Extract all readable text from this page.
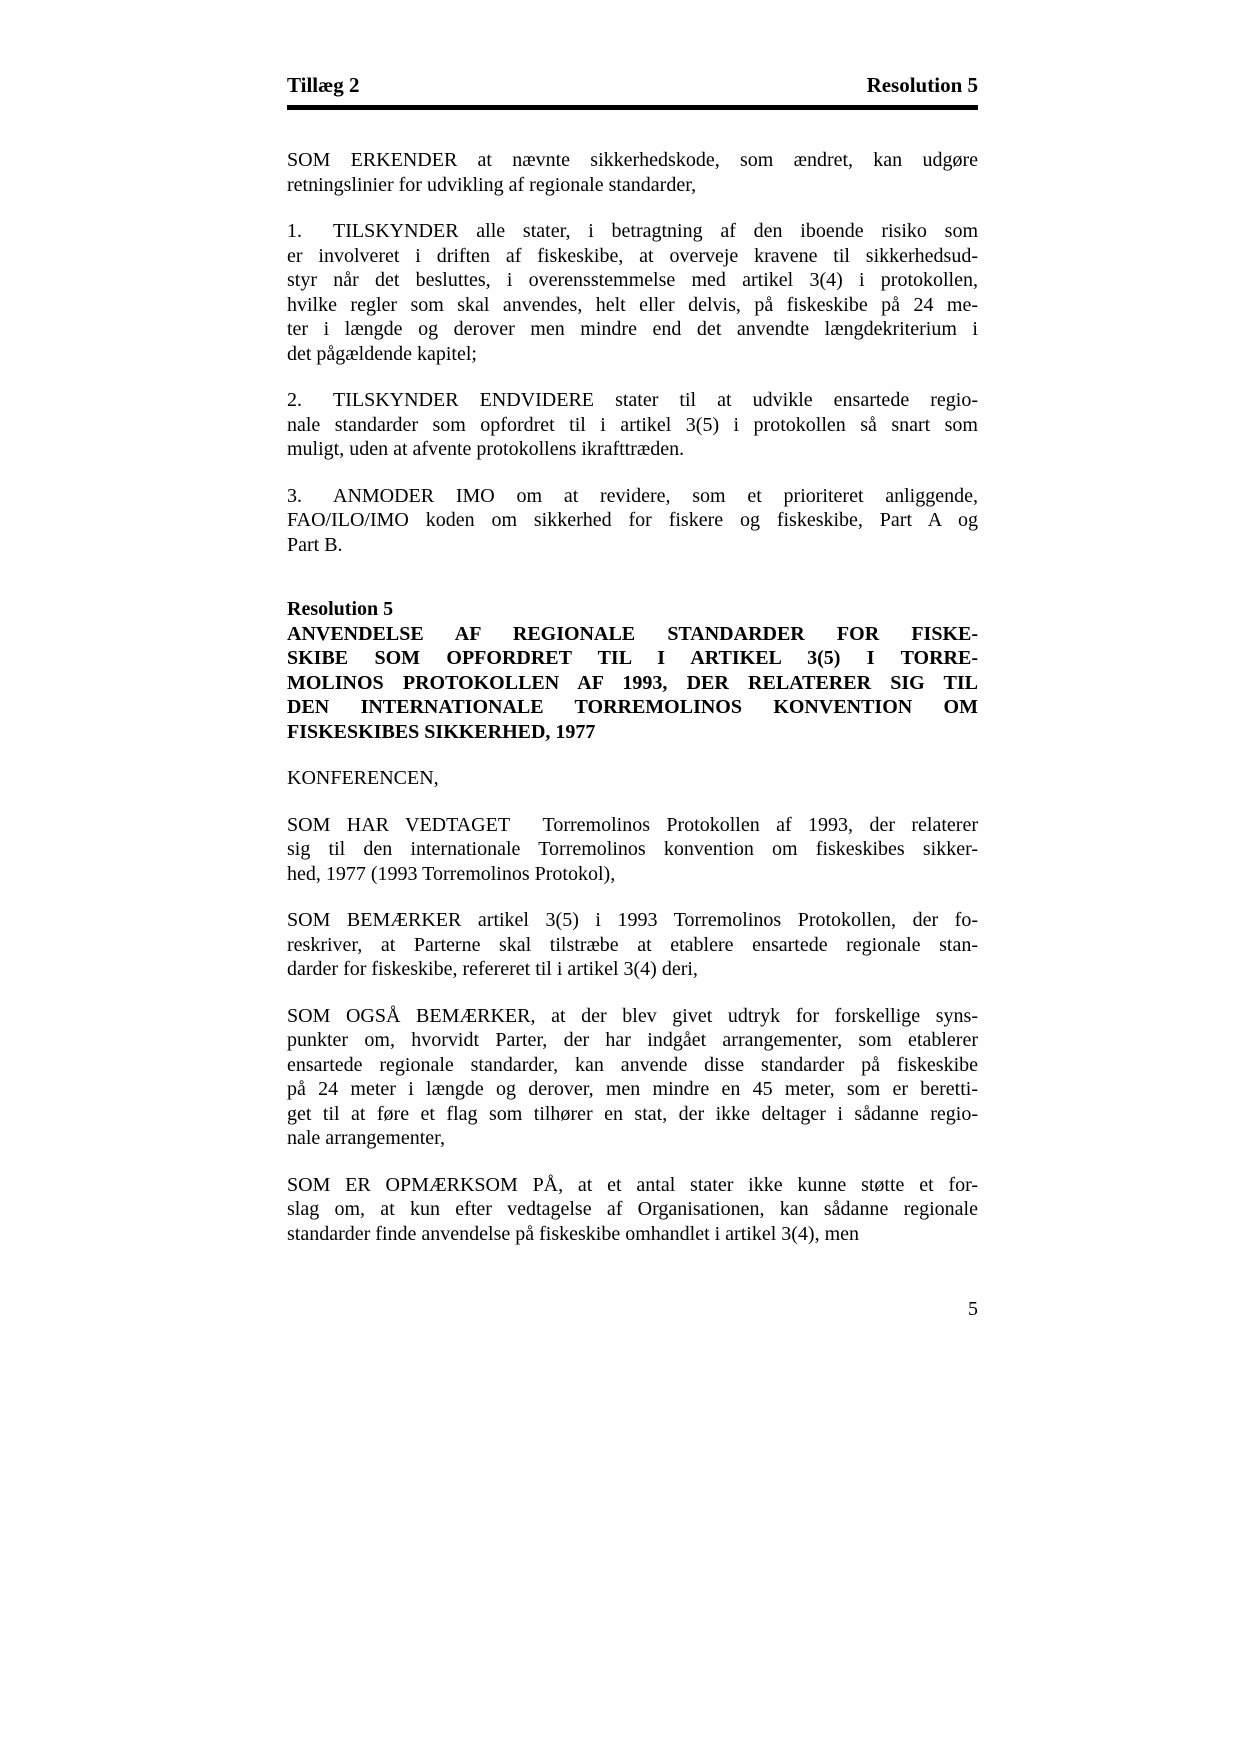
Tillæg 2	Resolution 5
SOM ERKENDER at nævnte sikkerhedskode, som ændret, kan udgøre
retningslinier for udvikling af regionale standarder,
1. TILSKYNDER alle stater, i betragtning af den iboende risiko som
er involveret i driften af fiskeskibe, at overveje kravene til sikkerhedsud-
styr når det besluttes, i overensstemmelse med artikel 3(4) i protokollen,
hvilke regler som skal anvendes, helt eller delvis, på fiskeskibe på 24 me-
ter i længde og derover men mindre end det anvendte længdekriterium i
det pågældende kapitel;
2. TILSKYNDER ENDVIDERE stater til at udvikle ensartede regio-
nale standarder som opfordret til i artikel 3(5) i protokollen så snart som
muligt, uden at afvente protokollens ikrafttræden.
3. ANMODER IMO om at revidere, som et prioriteret anliggende,
FAO/ILO/IMO koden om sikkerhed for fiskere og fiskeskibe, Part A og
Part B.
Resolution 5
ANVENDELSE AF REGIONALE STANDARDER FOR FISKE-
SKIBE SOM OPFORDRET TIL I ARTIKEL 3(5) I TORRE-
MOLINOS PROTOKOLLEN AF 1993, DER RELATERER SIG TIL
DEN INTERNATIONALE TORREMOLINOS KONVENTION OM
FISKESKIBES SIKKERHED, 1977
KONFERENCEN,
SOM HAR VEDTAGET  Torremolinos Protokollen af 1993, der relaterer
sig til den internationale Torremolinos konvention om fiskeskibes sikker-
hed, 1977 (1993 Torremolinos Protokol),
SOM BEMÆRKER artikel 3(5) i 1993 Torremolinos Protokollen, der fo-
reskriver, at Parterne skal tilstræbe at etablere ensartede regionale stan-
darder for fiskeskibe, refereret til i artikel 3(4) deri,
SOM OGSÅ BEMÆRKER, at der blev givet udtryk for forskellige syns-
punkter om, hvorvidt Parter, der har indgået arrangementer, som etablerer
ensartede regionale standarder, kan anvende disse standarder på fiskeskibe
på 24 meter i længde og derover, men mindre en 45 meter, som er beretti-
get til at føre et flag som tilhører en stat, der ikke deltager i sådanne regio-
nale arrangementer,
SOM ER OPMÆRKSOM PÅ, at et antal stater ikke kunne støtte et for-
slag om, at kun efter vedtagelse af Organisationen, kan sådanne regionale
standarder finde anvendelse på fiskeskibe omhandlet i artikel 3(4), men
5
